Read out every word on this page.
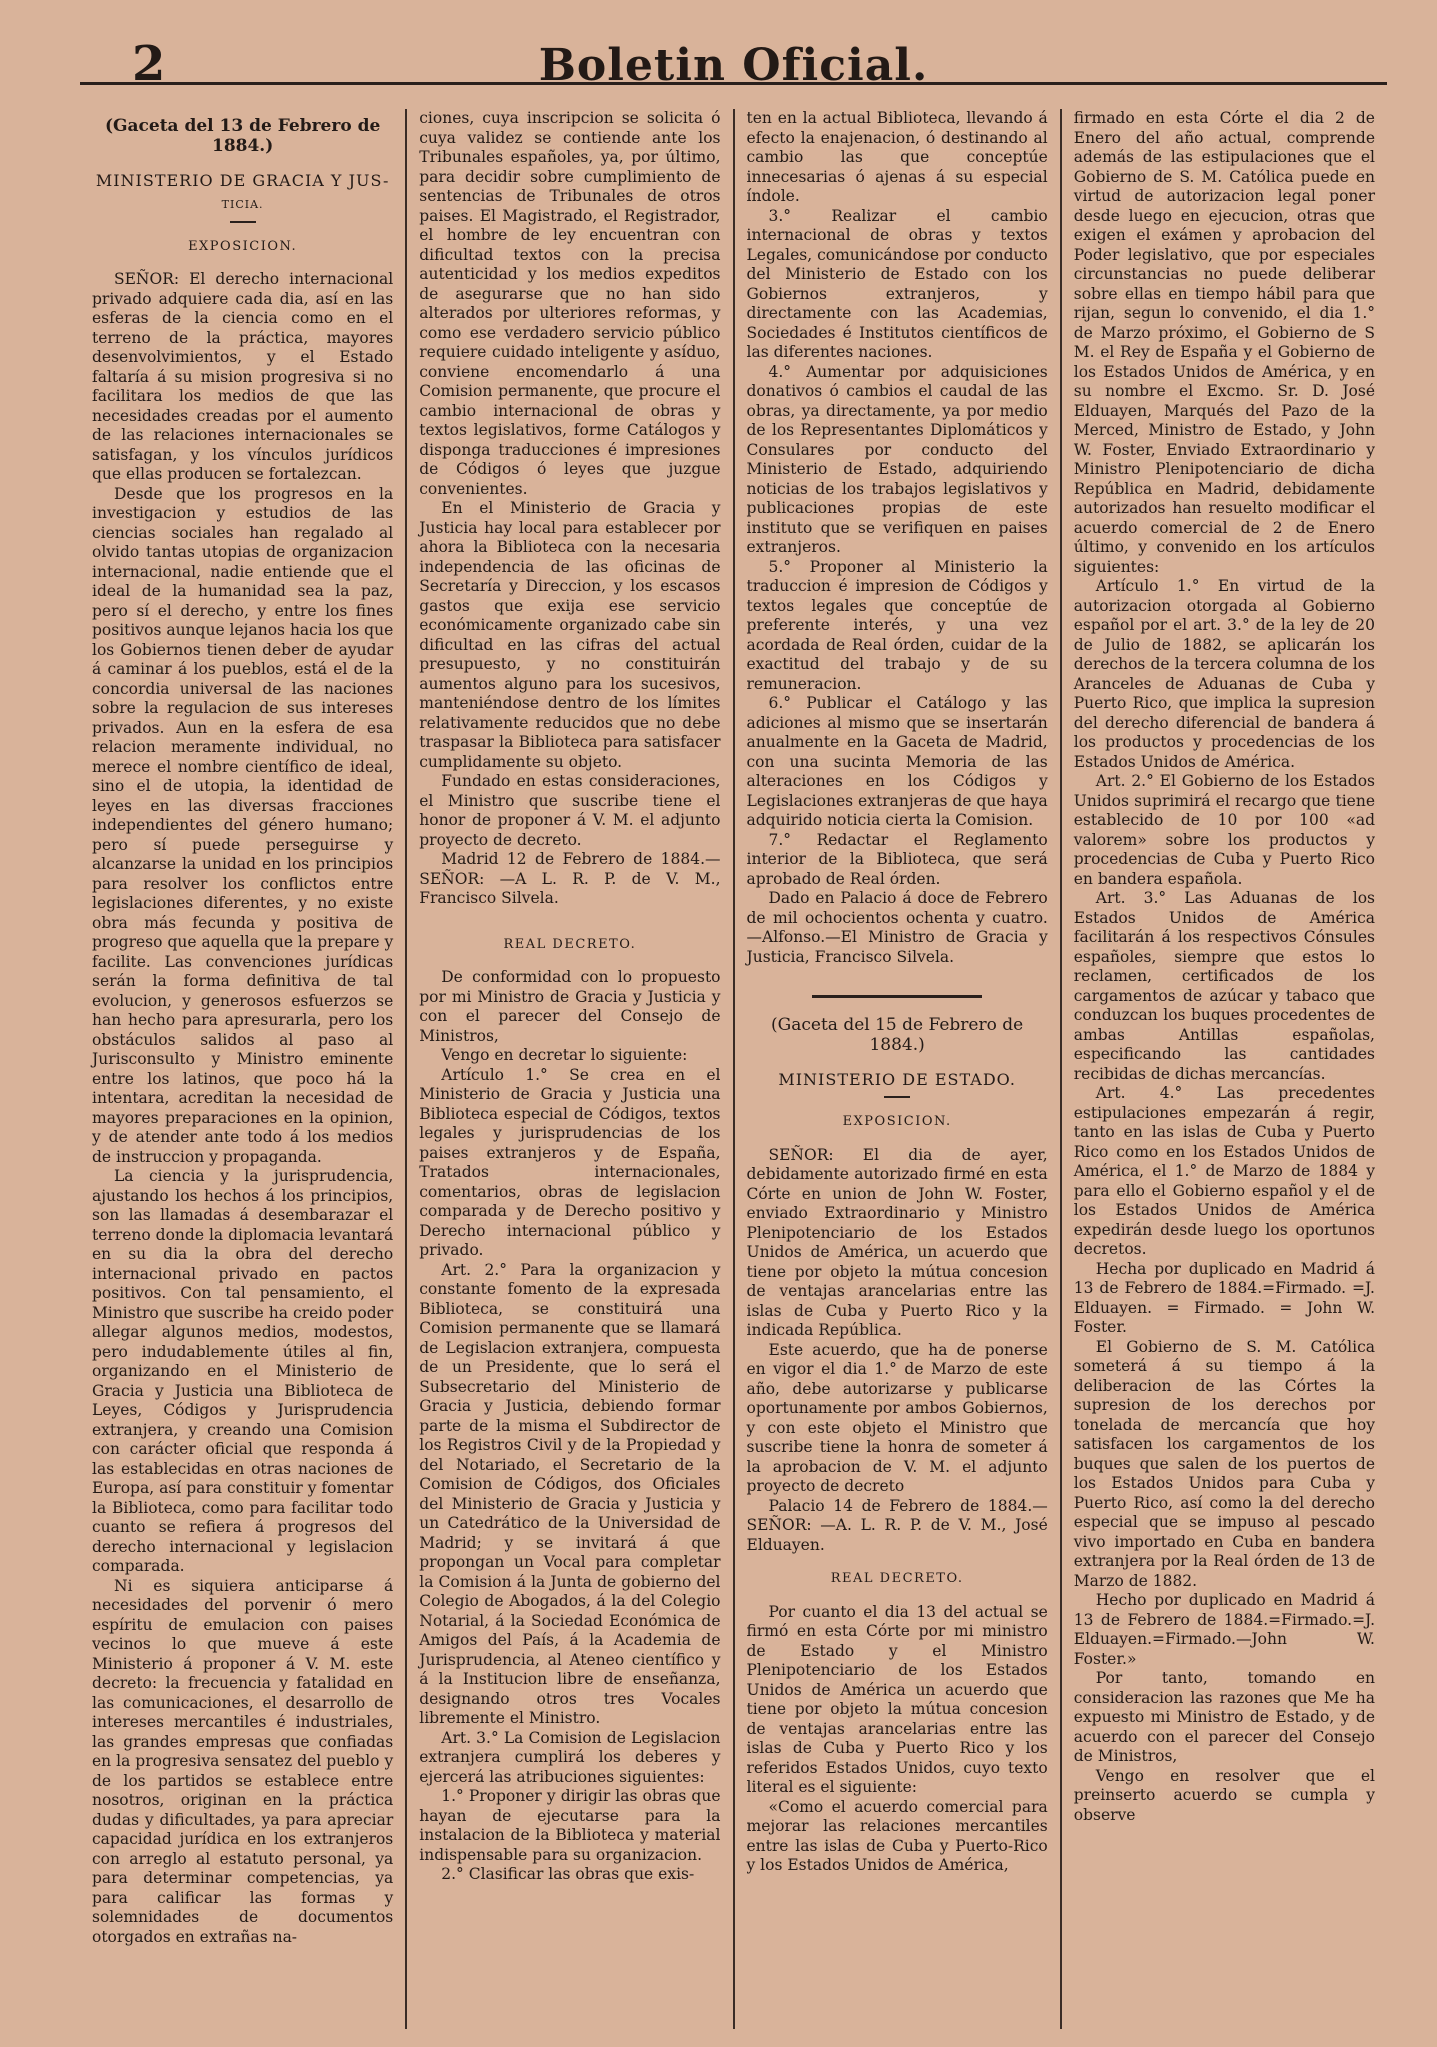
2	Boletin Oficial.
(Gaceta del 13 de Febrero de 1884.)
MINISTERIO DE GRACIA Y JUS-
TICIA.
EXPOSICION.

SEÑOR: El derecho internacional privado adquiere cada dia, así en las esferas de la ciencia como en el terreno de la práctica, mayores desenvolvimientos, y el Estado faltaría á su mision progresiva si no facilitara los medios de que las necesidades creadas por el aumento de las relaciones internacionales se satisfagan, y los vínculos jurídicos que ellas producen se fortalezcan.

Desde que los progresos en la investigacion y estudios de las ciencias sociales han regalado al olvido tantas utopias de organizacion internacional, nadie entiende que el ideal de la humanidad sea la paz, pero sí el derecho, y entre los fines positivos aunque lejanos hacia los que los Gobiernos tienen deber de ayudar á caminar á los pueblos, está el de la concordia universal de las naciones sobre la regulacion de sus intereses privados. Aun en la esfera de esa relacion meramente individual, no merece el nombre científico de ideal, sino el de utopia, la identidad de leyes en las diversas fracciones independientes del género humano; pero sí puede perseguirse y alcanzarse la unidad en los principios para resolver los conflictos entre legislaciones diferentes, y no existe obra más fecunda y positiva de progreso que aquella que la prepare y facilite. Las convenciones jurídicas serán la forma definitiva de tal evolucion, y generosos esfuerzos se han hecho para apresurarla, pero los obstáculos salidos al paso al Jurisconsulto y Ministro eminente entre los latinos, que poco há la intentara, acreditan la necesidad de mayores preparaciones en la opinion, y de atender ante todo á los medios de instruccion y propaganda.

La ciencia y la jurisprudencia, ajustando los hechos á los principios, son las llamadas á desembarazar el terreno donde la diplomacia levantará en su dia la obra del derecho internacional privado en pactos positivos. Con tal pensamiento, el Ministro que suscribe ha creido poder allegar algunos medios, modestos, pero indudablemente útiles al fin, organizando en el Ministerio de Gracia y Justicia una Biblioteca de Leyes, Códigos y Jurisprudencia extranjera, y creando una Comision con carácter oficial que responda á las establecidas en otras naciones de Europa, así para constituir y fomentar la Biblioteca, como para facilitar todo cuanto se refiera á progresos del derecho internacional y legislacion comparada.

Ni es siquiera anticiparse á necesidades del porvenir ó mero espíritu de emulacion con paises vecinos lo que mueve á este Ministerio á proponer á V. M. este decreto: la frecuencia y fatalidad en las comunicaciones, el desarrollo de intereses mercantiles é industriales, las grandes empresas que confiadas en la progresiva sensatez del pueblo y de los partidos se establece entre nosotros, originan en la práctica dudas y dificultades, ya para apreciar capacidad jurídica en los extranjeros con arreglo al estatuto personal, ya para determinar competencias, ya para calificar las formas y solemnidades de documentos otorgados en extrañas na-

ciones, cuya inscripcion se solicita ó cuya validez se contiende ante los Tribunales españoles, ya, por último, para decidir sobre cumplimiento de sentencias de Tribunales de otros paises. El Magistrado, el Registrador, el hombre de ley encuentran con dificultad textos con la precisa autenticidad y los medios expeditos de asegurarse que no han sido alterados por ulteriores reformas, y como ese verdadero servicio público requiere cuidado inteligente y asíduo, conviene encomendarlo á una Comision permanente, que procure el cambio internacional de obras y textos legislativos, forme Catálogos y disponga traducciones é impresiones de Códigos ó leyes que juzgue convenientes.

En el Ministerio de Gracia y Justicia hay local para establecer por ahora la Biblioteca con la necesaria independencia de las oficinas de Secretaría y Direccion, y los escasos gastos que exija ese servicio económicamente organizado cabe sin dificultad en las cifras del actual presupuesto, y no constituirán aumentos alguno para los sucesivos, manteniéndose dentro de los límites relativamente reducidos que no debe traspasar la Biblioteca para satisfacer cumplidamente su objeto.

Fundado en estas consideraciones, el Ministro que suscribe tiene el honor de proponer á V. M. el adjunto proyecto de decreto.

Madrid 12 de Febrero de 1884.—SEÑOR: —A L. R. P. de V. M., Francisco Silvela.

REAL DECRETO.

De conformidad con lo propuesto por mi Ministro de Gracia y Justicia y con el parecer del Consejo de Ministros,

Vengo en decretar lo siguiente:

Artículo 1.° Se crea en el Ministerio de Gracia y Justicia una Biblioteca especial de Códigos, textos legales y jurisprudencias de los paises extranjeros y de España, Tratados internacionales, comentarios, obras de legislacion comparada y de Derecho positivo y Derecho internacional público y privado.

Art. 2.° Para la organizacion y constante fomento de la expresada Biblioteca, se constituirá una Comision permanente que se llamará de Legislacion extranjera, compuesta de un Presidente, que lo será el Subsecretario del Ministerio de Gracia y Justicia, debiendo formar parte de la misma el Subdirector de los Registros Civil y de la Propiedad y del Notariado, el Secretario de la Comision de Códigos, dos Oficiales del Ministerio de Gracia y Justicia y un Catedrático de la Universidad de Madrid; y se invitará á que propongan un Vocal para completar la Comision á la Junta de gobierno del Colegio de Abogados, á la del Colegio Notarial, á la Sociedad Económica de Amigos del País, á la Academia de Jurisprudencia, al Ateneo científico y á la Institucion libre de enseñanza, designando otros tres Vocales libremente el Ministro.

Art. 3.° La Comision de Legislacion extranjera cumplirá los deberes y ejercerá las atribuciones siguientes:

1.° Proponer y dirigir las obras que hayan de ejecutarse para la instalacion de la Biblioteca y material indispensable para su organizacion.

2.° Clasificar las obras que exis-

ten en la actual Biblioteca, llevando á efecto la enajenacion, ó destinando al cambio las que conceptúe innecesarias ó ajenas á su especial índole.

3.° Realizar el cambio internacional de obras y textos Legales, comunicándose por conducto del Ministerio de Estado con los Gobiernos extranjeros, y directamente con las Academias, Sociedades é Institutos científicos de las diferentes naciones.

4.° Aumentar por adquisiciones donativos ó cambios el caudal de las obras, ya directamente, ya por medio de los Representantes Diplomáticos y Consulares por conducto del Ministerio de Estado, adquiriendo noticias de los trabajos legislativos y publicaciones propias de este instituto que se verifiquen en paises extranjeros.

5.° Proponer al Ministerio la traduccion é impresion de Códigos y textos legales que conceptúe de preferente interés, y una vez acordada de Real órden, cuidar de la exactitud del trabajo y de su remuneracion.

6.° Publicar el Catálogo y las adiciones al mismo que se insertarán anualmente en la Gaceta de Madrid, con una sucinta Memoria de las alteraciones en los Códigos y Legislaciones extranjeras de que haya adquirido noticia cierta la Comision.

7.° Redactar el Reglamento interior de la Biblioteca, que será aprobado de Real órden.

Dado en Palacio á doce de Febrero de mil ochocientos ochenta y cuatro.—Alfonso.—El Ministro de Gracia y Justicia, Francisco Silvela.

(Gaceta del 15 de Febrero de 1884.)
MINISTERIO DE ESTADO.
EXPOSICION.

SEÑOR: El dia de ayer, debidamente autorizado firmé en esta Córte en union de John W. Foster, enviado Extraordinario y Ministro Plenipotenciario de los Estados Unidos de América, un acuerdo que tiene por objeto la mútua concesion de ventajas arancelarias entre las islas de Cuba y Puerto Rico y la indicada República.

Este acuerdo, que ha de ponerse en vigor el dia 1.° de Marzo de este año, debe autorizarse y publicarse oportunamente por ambos Gobiernos, y con este objeto el Ministro que suscribe tiene la honra de someter á la aprobacion de V. M. el adjunto proyecto de decreto

Palacio 14 de Febrero de 1884.—SEÑOR: —A. L. R. P. de V. M., José Elduayen.

REAL DECRETO.

Por cuanto el dia 13 del actual se firmó en esta Córte por mi ministro de Estado y el Ministro Plenipotenciario de los Estados Unidos de América un acuerdo que tiene por objeto la mútua concesion de ventajas arancelarias entre las islas de Cuba y Puerto Rico y los referidos Estados Unidos, cuyo texto literal es el siguiente:

«Como el acuerdo comercial para mejorar las relaciones mercantiles entre las islas de Cuba y Puerto-Rico y los Estados Unidos de América,

firmado en esta Córte el dia 2 de Enero del año actual, comprende además de las estipulaciones que el Gobierno de S. M. Católica puede en virtud de autorizacion legal poner desde luego en ejecucion, otras que exigen el exámen y aprobacion del Poder legislativo, que por especiales circunstancias no puede deliberar sobre ellas en tiempo hábil para que rijan, segun lo convenido, el dia 1.° de Marzo próximo, el Gobierno de S M. el Rey de España y el Gobierno de los Estados Unidos de América, y en su nombre el Excmo. Sr. D. José Elduayen, Marqués del Pazo de la Merced, Ministro de Estado, y John W. Foster, Enviado Extraordinario y Ministro Plenipotenciario de dicha República en Madrid, debidamente autorizados han resuelto modificar el acuerdo comercial de 2 de Enero último, y convenido en los artículos siguientes:

Artículo 1.° En virtud de la autorizacion otorgada al Gobierno español por el art. 3.° de la ley de 20 de Julio de 1882, se aplicarán los derechos de la tercera columna de los Aranceles de Aduanas de Cuba y Puerto Rico, que implica la supresion del derecho diferencial de bandera á los productos y procedencias de los Estados Unidos de América.

Art. 2.° El Gobierno de los Estados Unidos suprimirá el recargo que tiene establecido de 10 por 100 «ad valorem» sobre los productos y procedencias de Cuba y Puerto Rico en bandera española.

Art. 3.° Las Aduanas de los Estados Unidos de América facilitarán á los respectivos Cónsules españoles, siempre que estos lo reclamen, certificados de los cargamentos de azúcar y tabaco que conduzcan los buques procedentes de ambas Antillas españolas, especificando las cantidades recibidas de dichas mercancías.

Art. 4.° Las precedentes estipulaciones empezarán á regir, tanto en las islas de Cuba y Puerto Rico como en los Estados Unidos de América, el 1.° de Marzo de 1884 y para ello el Gobierno español y el de los Estados Unidos de América expedirán desde luego los oportunos decretos.

Hecha por duplicado en Madrid á 13 de Febrero de 1884.=Firmado. =J. Elduayen. = Firmado. = John W. Foster.

El Gobierno de S. M. Católica someterá á su tiempo á la deliberacion de las Córtes la supresion de los derechos por tonelada de mercancía que hoy satisfacen los cargamentos de los buques que salen de los puertos de los Estados Unidos para Cuba y Puerto Rico, así como la del derecho especial que se impuso al pescado vivo importado en Cuba en bandera extranjera por la Real órden de 13 de Marzo de 1882.

Hecho por duplicado en Madrid á 13 de Febrero de 1884.=Firmado.=J. Elduayen.=Firmado.—John W. Foster.»

Por tanto, tomando en consideracion las razones que Me ha expuesto mi Ministro de Estado, y de acuerdo con el parecer del Consejo de Ministros,

Vengo en resolver que el preinserto acuerdo se cumpla y observe
